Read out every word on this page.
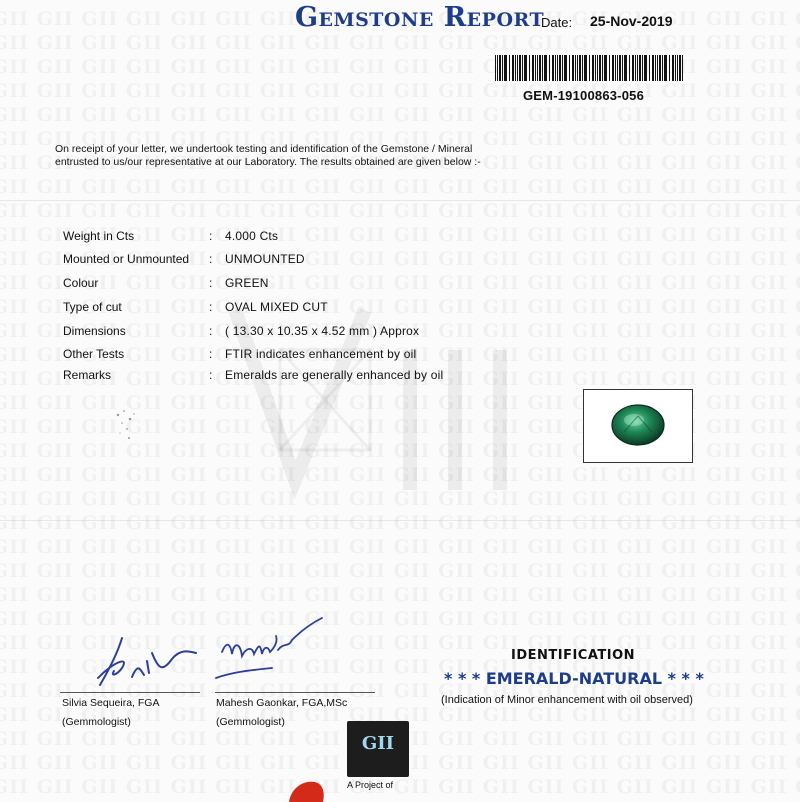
Gemstone Report
Date: 25-Nov-2019
GEM-19100863-056
On receipt of your letter, we undertook testing and identification of the Gemstone / Mineral
entrusted to us/our representative at our Laboratory. The results obtained are given below :-
Weight in Cts	: 4.000 Cts
Mounted or Unmounted : UNMOUNTED
Colour	: GREEN
Type of cut	: OVAL MIXED CUT
Dimensions	: ( 13.30 x 10.35 x 4.52 mm ) Approx
Other Tests	: FTIR indicates enhancement by oil
Remarks	: Emeralds are generally enhanced by oil
Silvia Sequeira, FGA
(Gemmologist)
Mahesh Gaonkar, FGA,MSc
(Gemmologist)
IDENTIFICATION
* * * EMERALD-NATURAL * * *
(Indication of Minor enhancement with oil observed)
GII
A Project of
